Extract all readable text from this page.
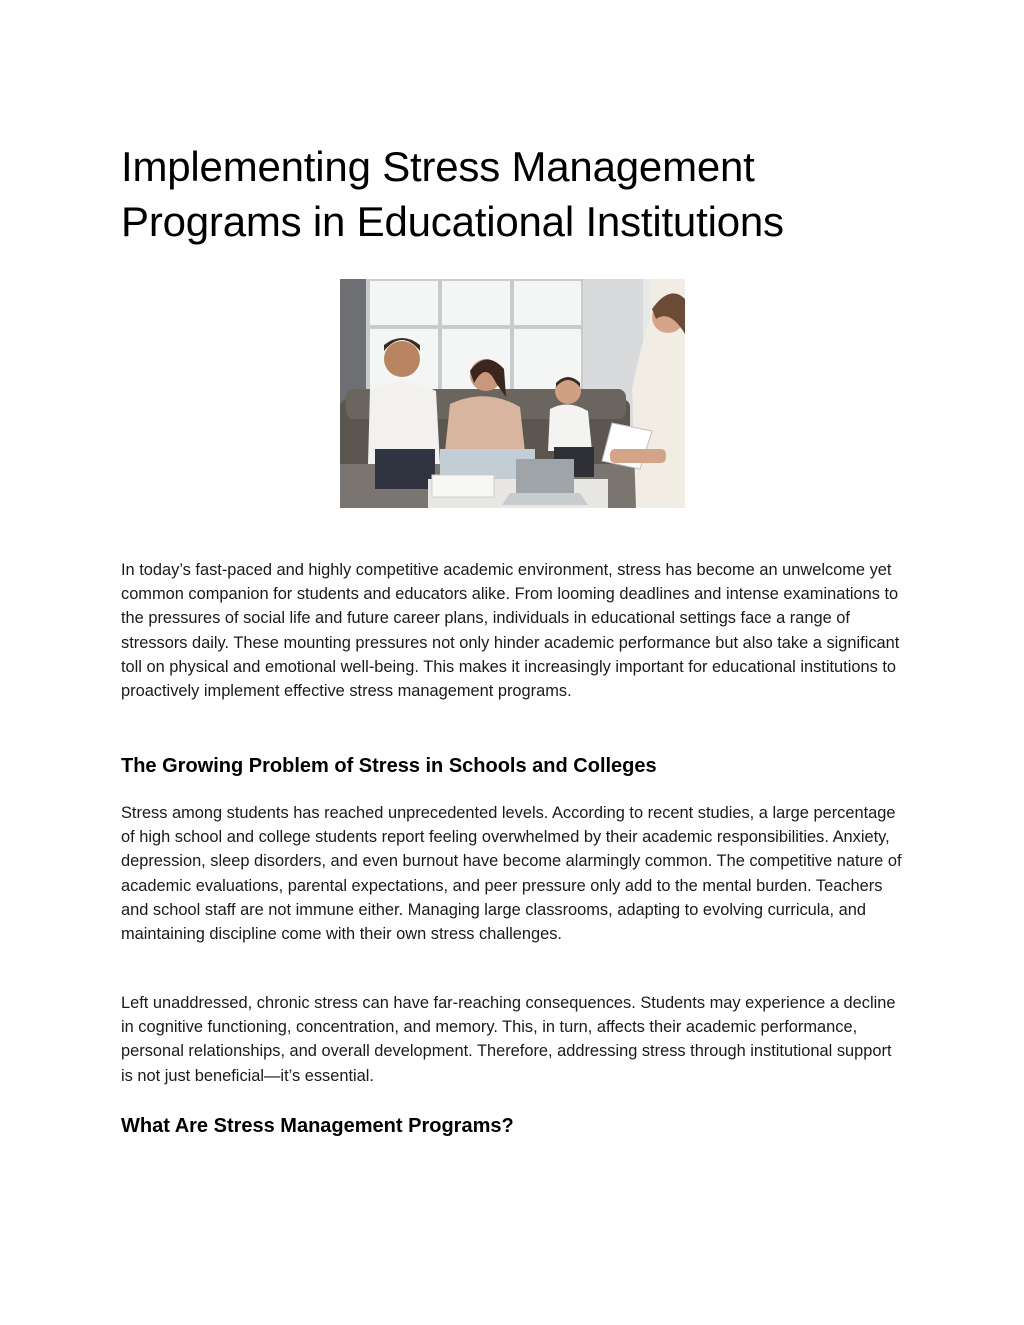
Implementing Stress Management Programs in Educational Institutions

In today’s fast-paced and highly competitive academic environment, stress has become an unwelcome yet common companion for students and educators alike. From looming deadlines and intense examinations to the pressures of social life and future career plans, individuals in educational settings face a range of stressors daily. These mounting pressures not only hinder academic performance but also take a significant toll on physical and emotional well-being. This makes it increasingly important for educational institutions to proactively implement effective stress management programs.

The Growing Problem of Stress in Schools and Colleges

Stress among students has reached unprecedented levels. According to recent studies, a large percentage of high school and college students report feeling overwhelmed by their academic responsibilities. Anxiety, depression, sleep disorders, and even burnout have become alarmingly common. The competitive nature of academic evaluations, parental expectations, and peer pressure only add to the mental burden. Teachers and school staff are not immune either. Managing large classrooms, adapting to evolving curricula, and maintaining discipline come with their own stress challenges.

Left unaddressed, chronic stress can have far-reaching consequences. Students may experience a decline in cognitive functioning, concentration, and memory. This, in turn, affects their academic performance, personal relationships, and overall development. Therefore, addressing stress through institutional support is not just beneficial—it’s essential.

What Are Stress Management Programs?
